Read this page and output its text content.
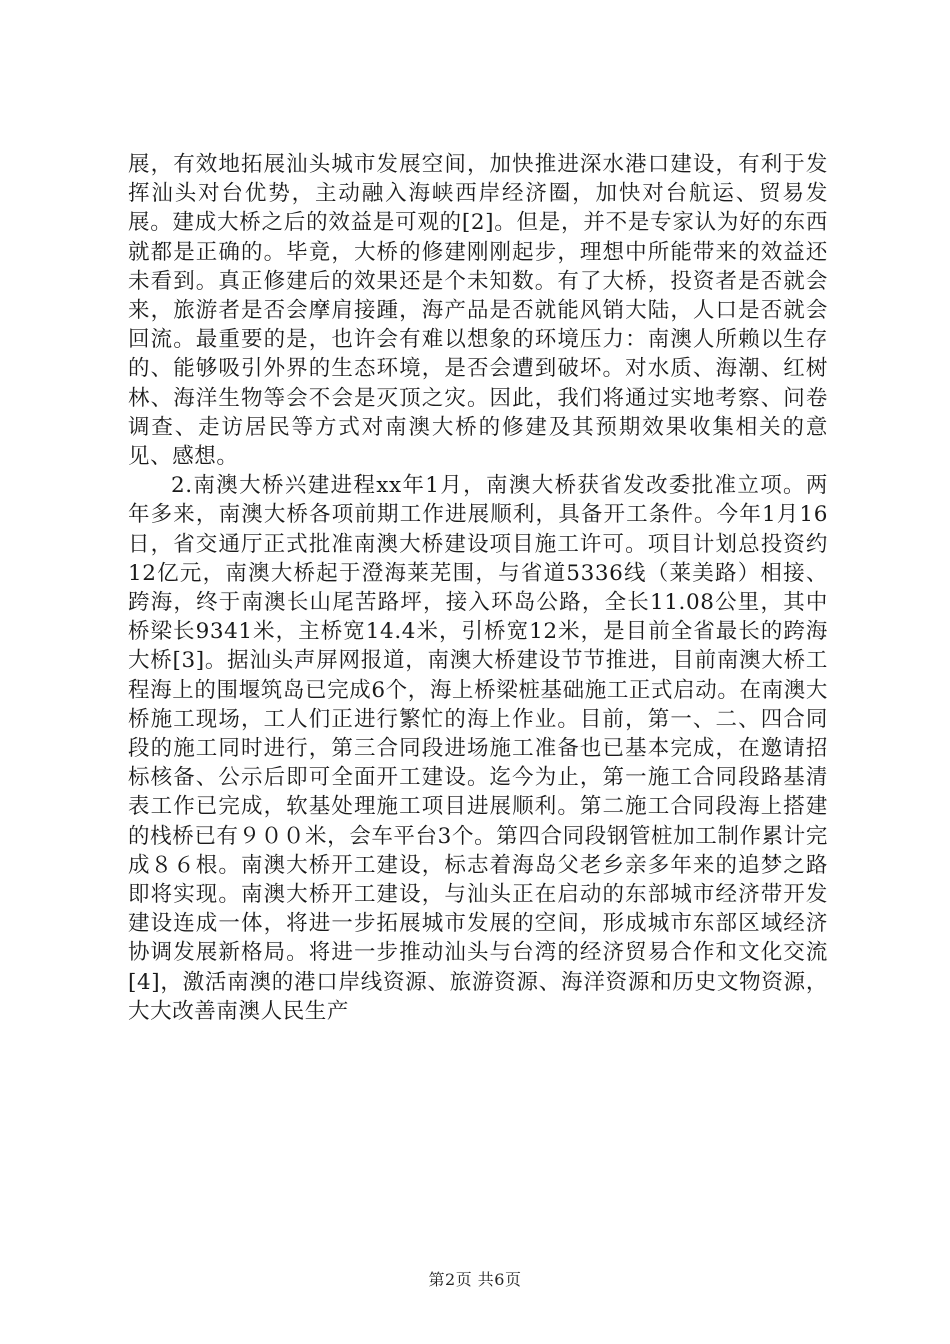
展，有效地拓展汕头城市发展空间，加快推进深水港口建设，有利于发挥汕头对台优势，主动融入海峡西岸经济圈，加快对台航运、贸易发展。建成大桥之后的效益是可观的[2]。但是，并不是专家认为好的东西就都是正确的。毕竟，大桥的修建刚刚起步，理想中所能带来的效益还未看到。真正修建后的效果还是个未知数。有了大桥，投资者是否就会来，旅游者是否会摩肩接踵，海产品是否就能风销大陆，人口是否就会回流。最重要的是，也许会有难以想象的环境压力：南澳人所赖以生存的、能够吸引外界的生态环境，是否会遭到破坏。对水质、海潮、红树林、海洋生物等会不会是灭顶之灾。因此，我们将通过实地考察、问卷调查、走访居民等方式对南澳大桥的修建及其预期效果收集相关的意见、感想。

2.南澳大桥兴建进程xx年1月，南澳大桥获省发改委批准立项。两年多来，南澳大桥各项前期工作进展顺利，具备开工条件。今年1月16日，省交通厅正式批准南澳大桥建设项目施工许可。项目计划总投资约12亿元，南澳大桥起于澄海莱芜围，与省道5336线（莱美路）相接、跨海，终于南澳长山尾苦路坪，接入环岛公路，全长11.08公里，其中桥梁长9341米，主桥宽14.4米，引桥宽12米，是目前全省最长的跨海大桥[3]。据汕头声屏网报道，南澳大桥建设节节推进，目前南澳大桥工程海上的围堰筑岛已完成6个，海上桥梁桩基础施工正式启动。在南澳大桥施工现场，工人们正进行繁忙的海上作业。目前，第一、二、四合同段的施工同时进行，第三合同段进场施工准备也已基本完成，在邀请招标核备、公示后即可全面开工建设。迄今为止，第一施工合同段路基清表工作已完成，软基处理施工项目进展顺利。第二施工合同段海上搭建的栈桥已有９００米，会车平台3个。第四合同段钢管桩加工制作累计完成８６根。南澳大桥开工建设，标志着海岛父老乡亲多年来的追梦之路即将实现。南澳大桥开工建设，与汕头正在启动的东部城市经济带开发建设连成一体，将进一步拓展城市发展的空间，形成城市东部区域经济协调发展新格局。将进一步推动汕头与台湾的经济贸易合作和文化交流[4]，激活南澳的港口岸线资源、旅游资源、海洋资源和历史文物资源，大大改善南澳人民生产

第2页 共6页
